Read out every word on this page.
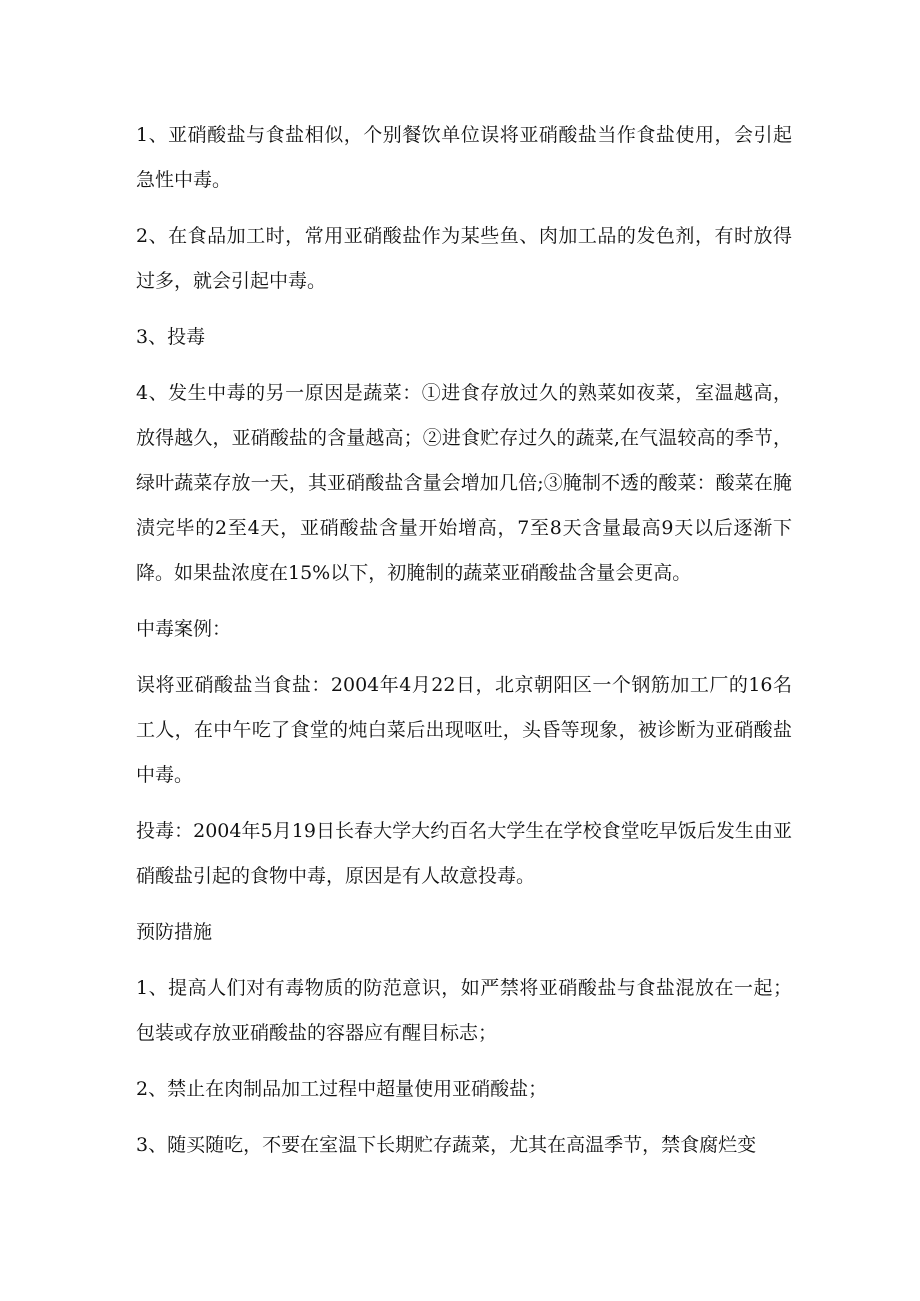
1、亚硝酸盐与食盐相似，个别餐饮单位误将亚硝酸盐当作食盐使用，会引起急性中毒。

2、在食品加工时，常用亚硝酸盐作为某些鱼、肉加工品的发色剂，有时放得过多，就会引起中毒。

3、投毒

4、发生中毒的另一原因是蔬菜：①进食存放过久的熟菜如夜菜，室温越高，放得越久，亚硝酸盐的含量越高；②进食贮存过久的蔬菜,在气温较高的季节，绿叶蔬菜存放一天，其亚硝酸盐含量会增加几倍;③腌制不透的酸菜：酸菜在腌渍完毕的2至4天，亚硝酸盐含量开始增高，7至8天含量最高9天以后逐渐下降。如果盐浓度在15%以下，初腌制的蔬菜亚硝酸盐含量会更高。

中毒案例：

误将亚硝酸盐当食盐：2004年4月22日，北京朝阳区一个钢筋加工厂的16名工人，在中午吃了食堂的炖白菜后出现呕吐，头昏等现象，被诊断为亚硝酸盐中毒。

投毒：2004年5月19日长春大学大约百名大学生在学校食堂吃早饭后发生由亚硝酸盐引起的食物中毒，原因是有人故意投毒。

预防措施

1、提高人们对有毒物质的防范意识，如严禁将亚硝酸盐与食盐混放在一起；包装或存放亚硝酸盐的容器应有醒目标志；

2、禁止在肉制品加工过程中超量使用亚硝酸盐；

3、随买随吃，不要在室温下长期贮存蔬菜，尤其在高温季节，禁食腐烂变
